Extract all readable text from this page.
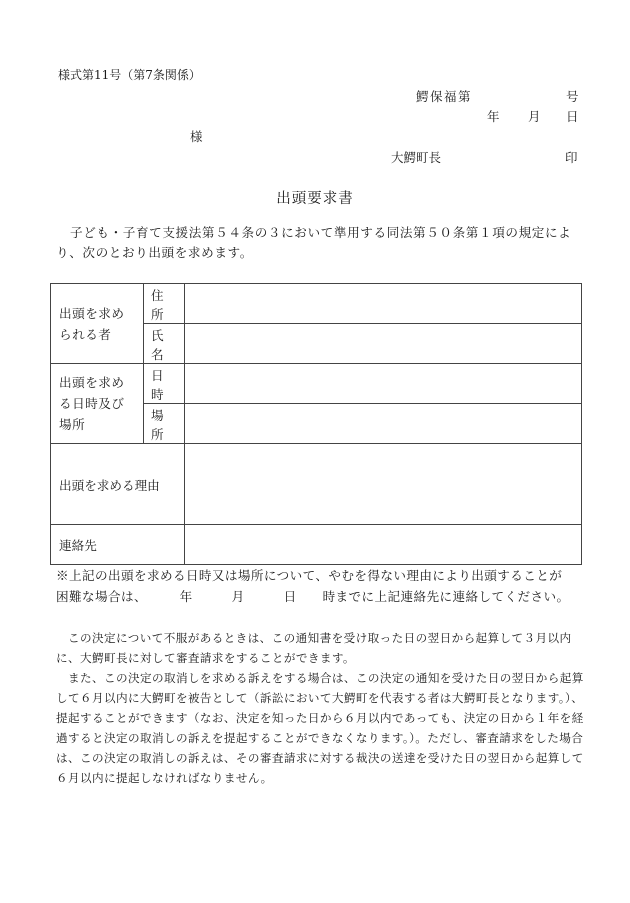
様式第11号（第7条関係）
鰐保福第	号
年 月 日
様
大鰐町長	印
出頭要求書
子ども・子育て支援法第５４条の３において準用する同法第５０条第１項の規定により、次のとおり出頭を求めます。
出頭を求められる者	住所	
	氏名	
出頭を求める日時及び場所	日時	
	場所	
出頭を求める理由		
連絡先		
※上記の出頭を求める日時又は場所について、やむを得ない理由により出頭することが
困難な場合は、　　　年　　　月　　　日　　時までに上記連絡先に連絡してください。

この決定について不服があるときは、この通知書を受け取った日の翌日から起算して３月以内に、大鰐町長に対して審査請求をすることができます。

また、この決定の取消しを求める訴えをする場合は、この決定の通知を受けた日の翌日から起算して６月以内に大鰐町を被告として（訴訟において大鰐町を代表する者は大鰐町長となります。）、提起することができます（なお、決定を知った日から６月以内であっても、決定の日から１年を経過すると決定の取消しの訴えを提起することができなくなります。）。ただし、審査請求をした場合は、この決定の取消しの訴えは、その審査請求に対する裁決の送達を受けた日の翌日から起算して６月以内に提起しなければなりません。
